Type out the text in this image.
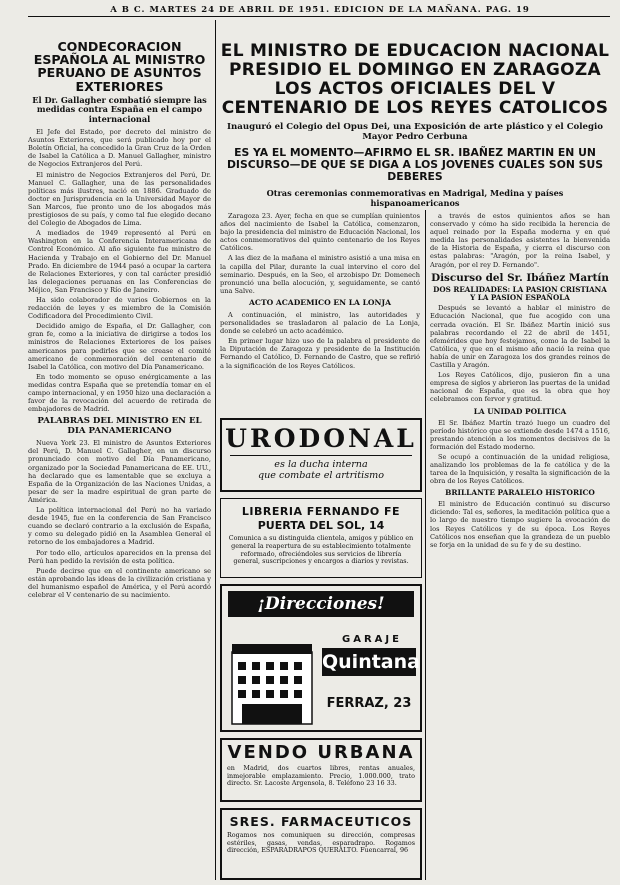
A B C. MARTES 24 DE ABRIL DE 1951. EDICION DE LA MAÑANA. PAG. 19
CONDECORACION ESPAÑOLA AL MINISTRO PERUANO DE ASUNTOS EXTERIORES
El Dr. Gallagher combatió siempre las medidas contra España en el campo internacional

El Jefe del Estado, por decreto del ministro de Asuntos Exteriores, que será publicado hoy por el Boletín Oficial, ha concedido la Gran Cruz de la Orden de Isabel la Católica a D. Manuel Gallagher, ministro de Negocios Extranjeros del Perú.

El ministro de Negocios Extranjeros del Perú, Dr. Manuel C. Gallagher, una de las personalidades políticas más ilustres, nació en 1886. Graduado de doctor en Jurisprudencia en la Universidad Mayor de San Marcos, fue pronto uno de los abogados más prestigiosos de su país, y como tal fue elegido decano del Colegio de Abogados de Lima.

A mediados de 1949 representó al Perú en Washington en la Conferencia Interamericana de Control Económico. Al año siguiente fue ministro de Hacienda y Trabajo en el Gobierno del Dr. Manuel Prado. En diciembre de 1944 pasó a ocupar la cartera de Relaciones Exteriores, y con tal carácter presidió las delegaciones peruanas en las Conferencias de Méjico, San Francisco y Río de Janeiro.

Ha sido colaborador de varios Gobiernos en la redacción de leyes y es miembro de la Comisión Codificadora del Procedimiento Civil.

Decidido amigo de España, el Dr. Gallagher, con gran fe, como a la iniciativa de dirigirse a todos los ministros de Relaciones Exteriores de los países americanos para pedirles que se crease el comité americano de conmemoración del centenario de Isabel la Católica, con motivo del Día Panamericano.

En todo momento se opuso enérgicamente a las medidas contra España que se pretendía tomar en el campo internacional, y en 1950 hizo una declaración a favor de la revocación del acuerdo de retirada de embajadores de Madrid.

PALABRAS DEL MINISTRO EN EL DIA PANAMERICANO

Nueva York 23. El ministro de Asuntos Exteriores del Perú, D. Manuel C. Gallagher, en un discurso pronunciado con motivo del Día Panamericano, organizado por la Sociedad Panamericana de EE. UU., ha declarado que es lamentable que se excluya a España de la Organización de las Naciones Unidas, a pesar de ser la madre espiritual de gran parte de América.

La política internacional del Perú no ha variado desde 1945, fue en la conferencia de San Francisco cuando se declaró contrario a la exclusión de España, y como su delegado pidió en la Asamblea General el retorno de los embajadores a Madrid.

Por todo ello, artículos aparecidos en la prensa del Perú han pedido la revisión de esta política.

Puede decirse que en el continente americano se están aprobando las ideas de la civilización cristiana y del humanismo español de América, y el Perú acordó celebrar el V centenario de su nacimiento.

EL MINISTRO DE EDUCACION NACIONAL PRESIDIO EL DOMINGO EN ZARAGOZA LOS ACTOS OFICIALES DEL V CENTENARIO DE LOS REYES CATOLICOS
Inauguró el Colegio del Opus Dei, una Exposición de arte plástico y el Colegio Mayor Pedro Cerbuna
ES YA EL MOMENTO—AFIRMO EL SR. IBAÑEZ MARTIN EN UN DISCURSO—DE QUE SE DIGA A LOS JOVENES CUALES SON SUS DEBERES
Otras ceremonias conmemorativas en Madrigal, Medina y países hispanoamericanos

Zaragoza 23. Ayer, fecha en que se cumplían quinientos años del nacimiento de Isabel la Católica, comenzaron, bajo la presidencia del ministro de Educación Nacional, los actos conmemorativos del quinto centenario de los Reyes Católicos.

A las diez de la mañana el ministro asistió a una misa en la capilla del Pilar, durante la cual intervino el coro del seminario. Después, en la Seo, el arzobispo Dr. Domenech pronunció una bella alocución, y, seguidamente, se cantó una Salve.

ACTO ACADEMICO EN LA LONJA

A continuación, el ministro, las autoridades y personalidades se trasladaron al palacio de La Lonja, donde se celebró un acto académico.

En primer lugar hizo uso de la palabra el presidente de la Diputación de Zaragoza y presidente de la Institución Fernando el Católico, D. Fernando de Castro, que se refirió a la significación de los Reyes Católicos.

URODONAL
es la ducha interna
que combate el artritismo
LIBRERIA FERNANDO FE
PUERTA DEL SOL, 14
Comunica a su distinguida clientela, amigos y público en general la reapertura de su establecimiento totalmente reformado, ofreciéndoles sus servicios de librería general, suscripciones y encargos a diarios y revistas.
¡Direcciones!
GARAJE
Quintana
FERRAZ, 23
VENDO URBANA
en Madrid, dos cuartos libres, rentas anuales, inmejorable emplazamiento. Precio, 1.000.000, trato directo. Sr. Lacoste Argensola, 8. Teléfono 23 16 33.
SRES. FARMACEUTICOS
Rogamos nos comuniquen su dirección, compresas estériles, gasas, vendas, esparadrapo. Rogamos dirección, ESPARADRAPOS QUERALTO. Fuencarral, 96

a través de estos quinientos años se han conservado y cómo ha sido recibida la herencia de aquel reinado por la España moderna y en qué medida las personalidades asistentes la bienvenida de la Historia de España, y cierra el discurso con estas palabras: "Aragón, por la reina Isabel, y Aragón, por el rey D. Fernando".

Discurso del Sr. Ibáñez Martín
DOS REALIDADES: LA PASION CRISTIANA Y LA PASION ESPAÑOLA

Después se levantó a hablar el ministro de Educación Nacional, que fue acogido con una cerrada ovación. El Sr. Ibáñez Martín inició sus palabras recordando el 22 de abril de 1451, efemérides que hoy festejamos, como la de Isabel la Católica, y que en el mismo año nació la reina que había de unir en Zaragoza los dos grandes reinos de Castilla y Aragón.

Los Reyes Católicos, dijo, pusieron fin a una empresa de siglos y abrieron las puertas de la unidad nacional de España, que es la obra que hoy celebramos con fervor y gratitud.

LA UNIDAD POLITICA

El Sr. Ibáñez Martín trazó luego un cuadro del período histórico que se extiende desde 1474 a 1516, prestando atención a los momentos decisivos de la formación del Estado moderno.

Se ocupó a continuación de la unidad religiosa, analizando los problemas de la fe católica y de la tarea de la Inquisición, y resalta la significación de la obra de los Reyes Católicos.

BRILLANTE PARALELO HISTORICO

El ministro de Educación continuó su discurso diciendo: Tal es, señores, la meditación política que a lo largo de nuestro tiempo sugiere la evocación de los Reyes Católicos y de su época. Los Reyes Católicos nos enseñan que la grandeza de un pueblo se forja en la unidad de su fe y de su destino.
